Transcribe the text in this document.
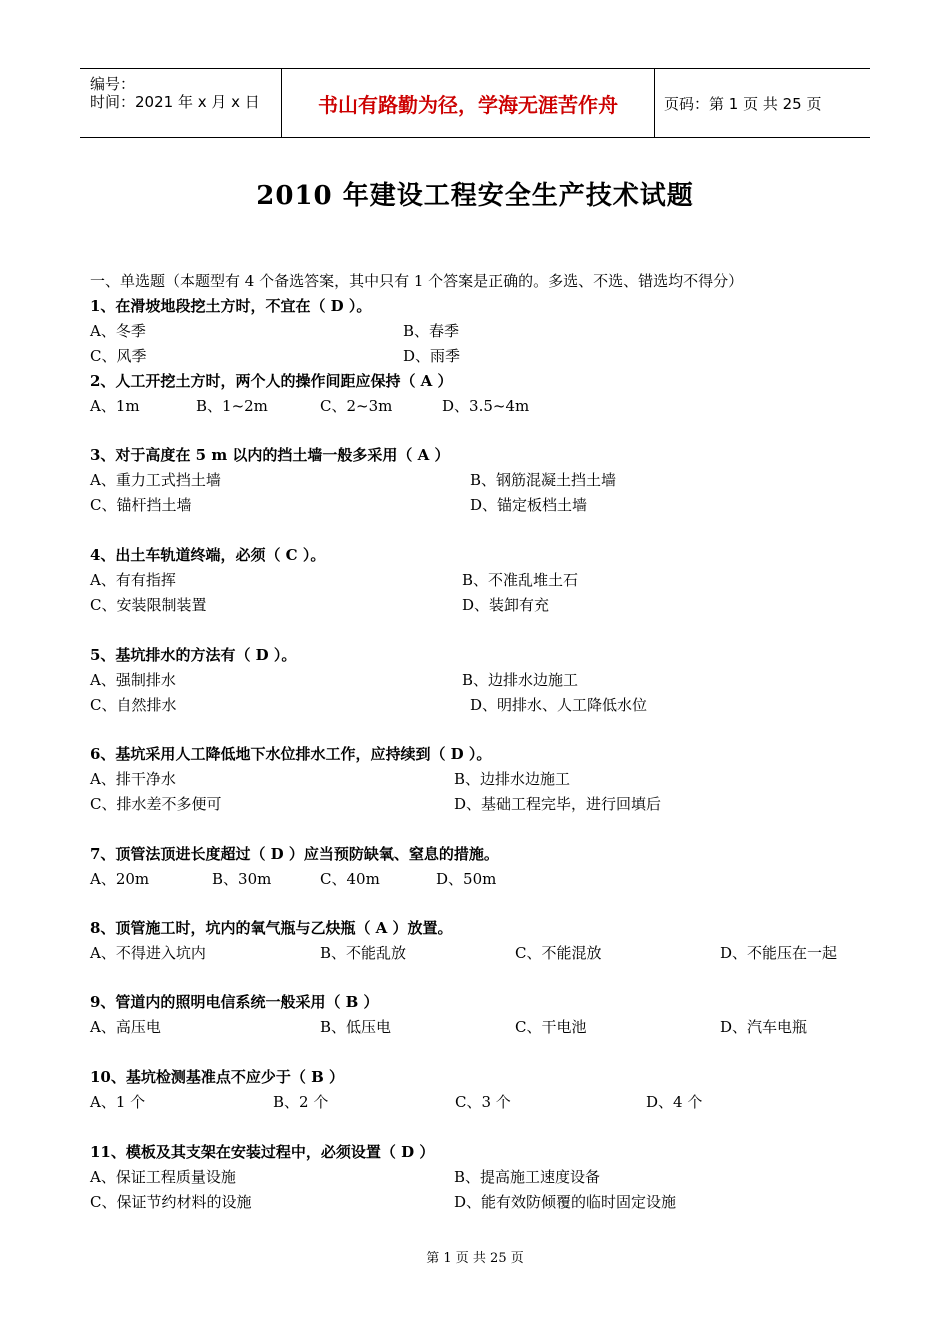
编号：
时间：2021 年 x 月 x 日	书山有路勤为径，学海无涯苦作舟	页码：第 1 页 共 25 页
2010 年建设工程安全生产技术试题
一、单选题（本题型有 4 个备选答案，其中只有 1 个答案是正确的。多选、不选、错选均不得分）
1、在滑坡地段挖土方时，不宜在（ D ）。
A、冬季	B、春季
C、风季	D、雨季
2、人工开挖土方时，两个人的操作间距应保持（ A ）
A、1m	B、1~2m	C、2~3m	D、3.5~4m
3、对于高度在 5 m 以内的挡土墙一般多采用（ A ）
A、重力工式挡土墙	B、钢筋混凝土挡土墙
C、锚杆挡土墙	D、锚定板档土墙
4、出土车轨道终端，必须（ C ）。
A、有有指挥	B、不准乱堆土石
C、安装限制装置	D、装卸有充
5、基坑排水的方法有（ D ）。
A、强制排水	B、边排水边施工
C、自然排水	D、明排水、人工降低水位
6、基坑采用人工降低地下水位排水工作，应持续到（ D ）。
A、排干净水	B、边排水边施工
C、排水差不多便可	D、基础工程完毕，进行回填后
7、顶管法顶进长度超过（ D ）应当预防缺氧、窒息的措施。
A、20m	B、30m	C、40m	D、50m
8、顶管施工时，坑内的氧气瓶与乙炔瓶（ A ）放置。
A、不得进入坑内	B、不能乱放	C、不能混放	D、不能压在一起
9、管道内的照明电信系统一般采用（ B ）
A、高压电	B、低压电	C、干电池	D、汽车电瓶
10、基坑检测基准点不应少于（ B ）
A、1 个	B、2 个	C、3 个	D、4 个
11、模板及其支架在安装过程中，必须设置（ D ）
A、保证工程质量设施	B、提高施工速度设备
C、保证节约材料的设施	D、能有效防倾覆的临时固定设施
第 1 页 共 25 页
